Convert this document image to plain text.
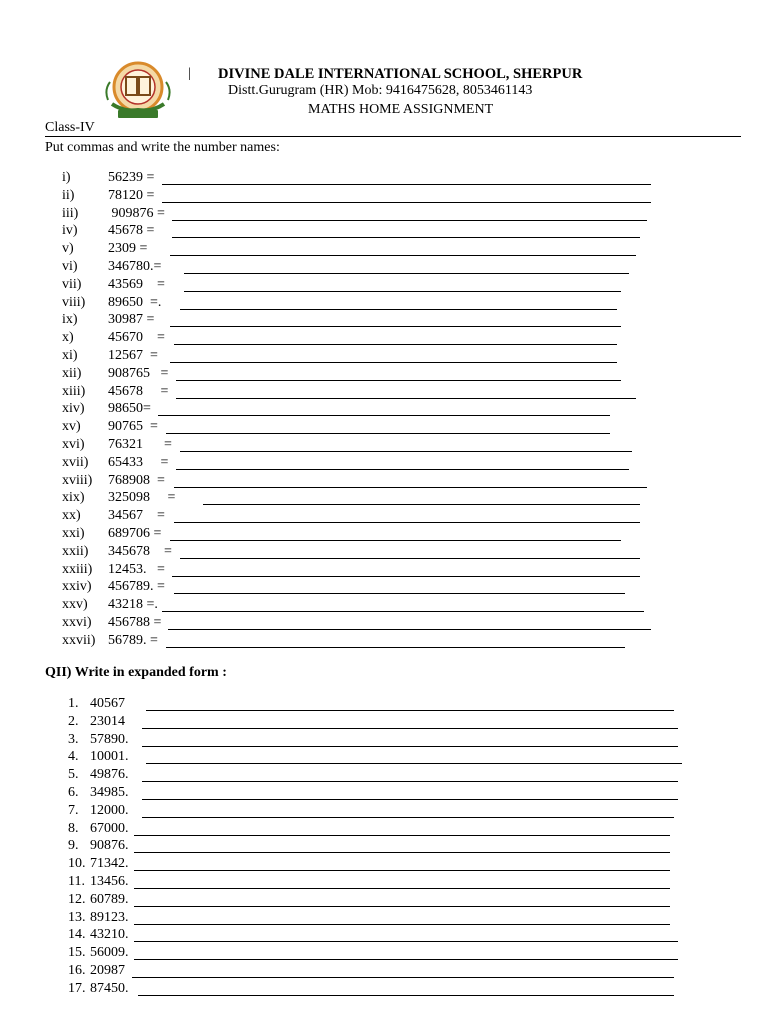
| DIVINE DALE INTERNATIONAL SCHOOL, SHERPUR
Distt.Gurugram (HR) Mob: 9416475628, 8053461143
MATHS HOME ASSIGNMENT
Class-IV
Put commas and write the number names:
i)	56239 =
ii) 78120 =
iii) 909876 =
iv) 45678 =
v) 2309 =
vi) 346780.=
vii) 43569    =
viii) 89650  =.
ix) 30987 =
x) 45670    =
xi) 12567  =
xii) 908765   =
xiii) 45678     =
xiv) 98650=
xv) 90765  =
xvi) 76321      =
xvii) 65433     =
xviii) 768908  =
xix) 325098     =
xx) 34567    =
xxi) 689706 =
xxii) 345678    =
xxiii) 12453.   =
xxiv) 456789. =
xxv) 43218 =.
xxvi) 456788 =
xxvii) 56789. =
QII) Write in expanded form :
1. 40567
2. 23014
3. 57890.
4. 10001.
5. 49876.
6. 34985.
7. 12000.
8. 67000.
9. 90876.
10. 71342.
11. 13456.
12. 60789.
13. 89123.
14. 43210.
15. 56009.
16. 20987
17. 87450.
